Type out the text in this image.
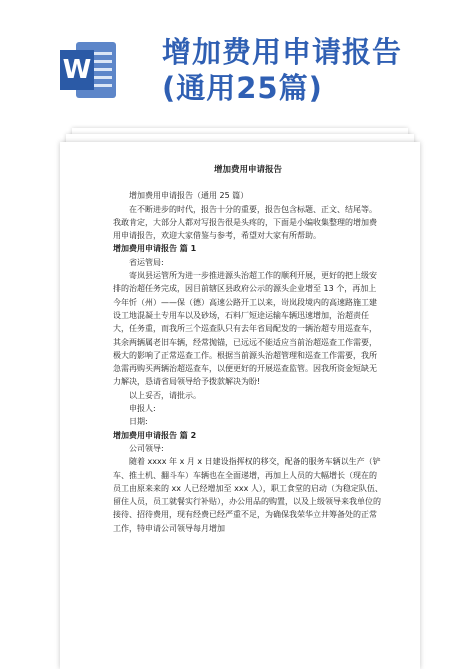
W
增加费用申请报告
(通用25篇)

增加费用申请报告

增加费用申请报告（通用 25 篇）

在不断进步的时代，报告十分的重要，报告包含标题、正文、结尾等。我敢肯定，大部分人都对写报告很是头疼的，下面是小编收集整理的增加费用申请报告，欢迎大家借鉴与参考，希望对大家有所帮助。

增加费用申请报告 篇 1

省运管局:

寄岚县运管所为进一步推进源头治超工作的顺利开展，更好的把上级安排的治超任务完成，因目前辖区县政府公示的源头企业增至 13 个，再加上今年忻（州）——保（德）高速公路开工以来，岢岚段境内的高速路施工建设工地混凝土专用车以及砂场，石料厂短途运输车辆迅速增加，治超责任大，任务重，而我所三个巡查队只有去年省局配发的一辆治超专用巡查车，其余两辆属老旧车辆，经常抛锚，已远远不能适应当前治超巡查工作需要，极大的影响了正常巡查工作。根据当前源头治超管理和巡查工作需要，我所急需再购买两辆治超巡查车，以便更好的开展巡查监管。因我所资金短缺无力解决，恳请省局领导给予拨款解决为盼!

以上妥否，请批示。

申报人:

日期:

增加费用申请报告 篇 2

公司领导:

随着 xxxx 年 x 月 x 日建设指挥权的移交，配备的服务车辆以生产（铲车、推土机、翻斗车）车辆也在全面递增，再加上人员的大幅增长（现在的员工由原来来的 xx 人已经增加至 xxx 人），职工食堂的启动（为稳定队伍、留住人员，员工就餐实行补贴），办公用品的购置，以及上级领导来我单位的接待、招待费用，现有经费已经严重不足，为确保我荣华立井筹备处的正常工作，特申请公司领导每月增加
